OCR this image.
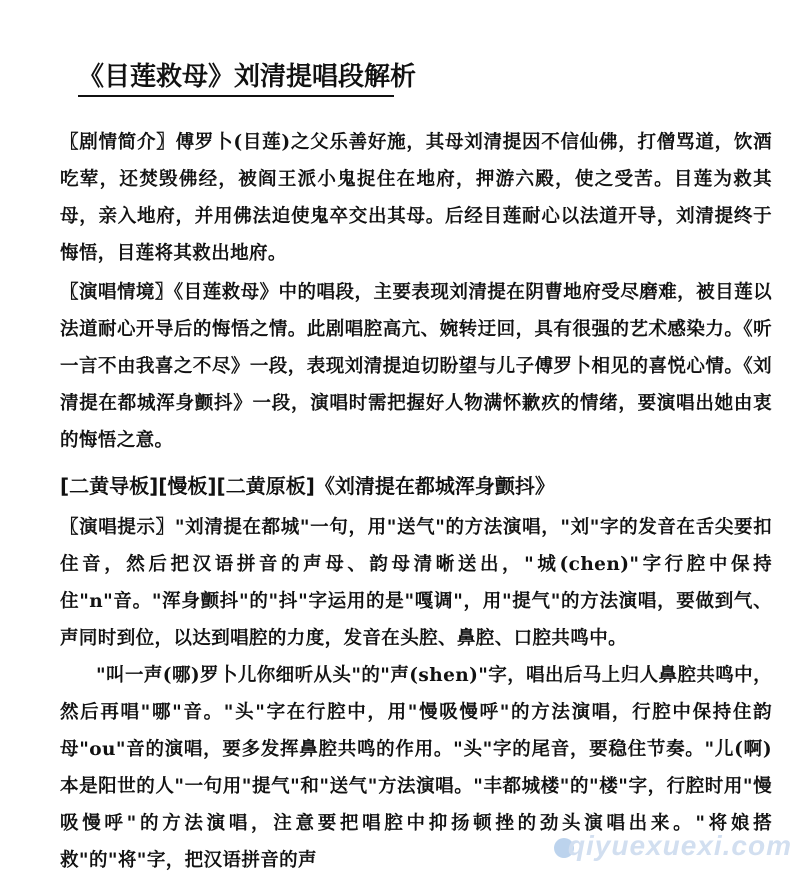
《目莲救母》刘清提唱段解析
〖剧情简介〗傅罗卜(目莲)之父乐善好施，其母刘清提因不信仙佛，打僧骂道，饮酒吃荤，还焚毁佛经，被阎王派小鬼捉住在地府，押游六殿，使之受苦。目莲为救其母，亲入地府，并用佛法迫使鬼卒交出其母。后经目莲耐心以法道开导，刘清提终于悔悟，目莲将其救出地府。
〖演唱情境〗《目莲救母》中的唱段，主要表现刘清提在阴曹地府受尽磨难，被目莲以法道耐心开导后的悔悟之情。此剧唱腔高亢、婉转迂回，具有很强的艺术感染力。《听一言不由我喜之不尽》一段，表现刘清提迫切盼望与儿子傅罗卜相见的喜悦心情。《刘清提在都城浑身颤抖》一段，演唱时需把握好人物满怀歉疚的情绪，要演唱出她由衷的悔悟之意。
[二黄导板][慢板][二黄原板]《刘清提在都城浑身颤抖》
〖演唱提示〗"刘清提在都城"一句，用"送气"的方法演唱，"刘"字的发音在舌尖要扣住音，然后把汉语拼音的声母、韵母清晰送出，"城(chen)"字行腔中保持住"n"音。"浑身颤抖"的"抖"字运用的是"嘎调"，用"提气"的方法演唱，要做到气、声同时到位，以达到唱腔的力度，发音在头腔、鼻腔、口腔共鸣中。
"叫一声(哪)罗卜儿你细听从头"的"声(shen)"字，唱出后马上归人鼻腔共鸣中，然后再唱"哪"音。"头"字在行腔中，用"慢吸慢呼"的方法演唱，行腔中保持住韵母"ou"音的演唱，要多发挥鼻腔共鸣的作用。"头"字的尾音，要稳住节奏。"儿(啊)本是阳世的人"一句用"提气"和"送气"方法演唱。"丰都城楼"的"楼"字，行腔时用"慢吸慢呼"的方法演唱，注意要把唱腔中抑扬顿挫的劲头演唱出来。"将娘搭救"的"将"字，把汉语拼音的声	qiyuexuexi.com
